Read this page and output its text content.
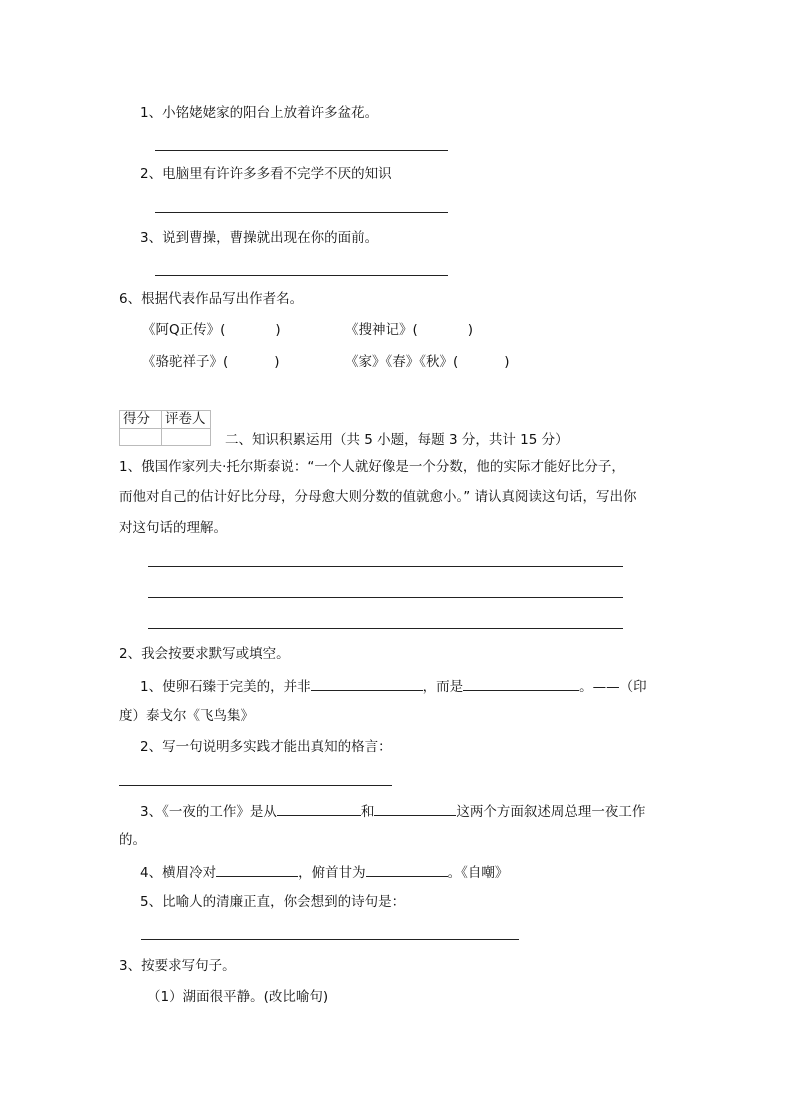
1、小铭姥姥家的阳台上放着许多盆花。
2、电脑里有许许多多看不完学不厌的知识
3、说到曹操，曹操就出现在你的面前。
6、根据代表作品写出作者名。
《阿Q正传》(	)	《搜神记》(	)
《骆驼祥子》(	)	《家》《春》《秋》(	)
得分 评卷人
二、知识积累运用（共 5 小题，每题 3 分，共计 15 分）
1、俄国作家列夫·托尔斯泰说：“一个人就好像是一个分数，他的实际才能好比分子，
而他对自己的估计好比分母，分母愈大则分数的值就愈小。” 请认真阅读这句话，写出你
对这句话的理解。
2、我会按要求默写或填空。
1、使卵石臻于完美的，并非	，而是	。——（印
度）泰戈尔《飞鸟集》
2、写一句说明多实践才能出真知的格言：
3、《一夜的工作》是从	和	这两个方面叙述周总理一夜工作
的。
4、横眉冷对	，俯首甘为	。《自嘲》
5、比喻人的清廉正直，你会想到的诗句是：
3、按要求写句子。
（1）湖面很平静。(改比喻句)
